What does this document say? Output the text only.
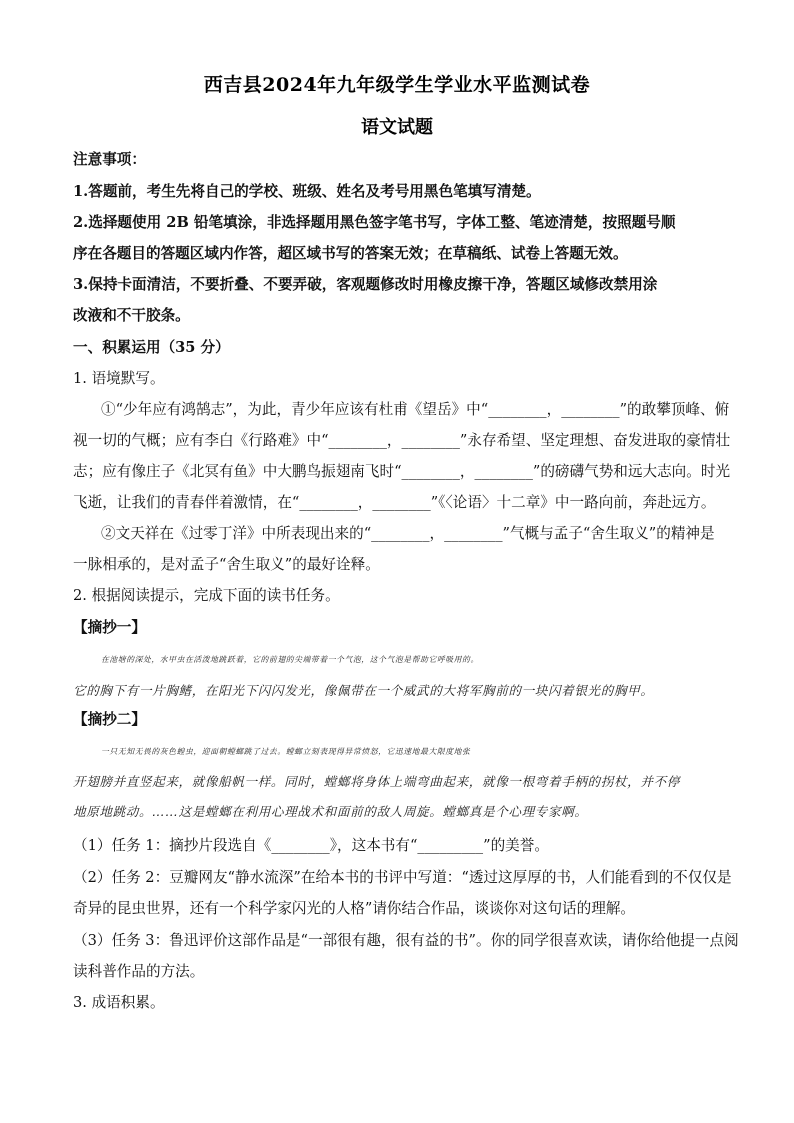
西吉县2024年九年级学生学业水平监测试卷
语文试题
注意事项：
1.答题前，考生先将自己的学校、班级、姓名及考号用黑色笔填写清楚。
2.选择题使用 2B 铅笔填涂，非选择题用黑色签字笔书写，字体工整、笔迹清楚，按照题号顺
序在各题目的答题区域内作答，超区域书写的答案无效；在草稿纸、试卷上答题无效。
3.保持卡面清洁，不要折叠、不要弄破，客观题修改时用橡皮擦干净，答题区域修改禁用涂
改液和不干胶条。
一、积累运用（35 分）
1. 语境默写。
①“少年应有鸿鹄志”，为此，青少年应该有杜甫《望岳》中“________，________”的敢攀顶峰、俯
视一切的气概；应有李白《行路难》中“________，________”永存希望、坚定理想、奋发进取的豪情壮
志；应有像庄子《北冥有鱼》中大鹏鸟振翅南飞时“________，________”的磅礴气势和远大志向。时光
飞逝，让我们的青春伴着激情，在“________，________”《〈论语〉十二章》中一路向前，奔赴远方。
②文天祥在《过零丁洋》中所表现出来的“________，________”气概与孟子“舍生取义”的精神是
一脉相承的，是对孟子“舍生取义”的最好诠释。
2. 根据阅读提示，完成下面的读书任务。
【摘抄一】
在池塘的深处，水甲虫在活泼地跳跃着，它的前翅的尖端带着一个气泡，这个气泡是帮助它呼吸用的。
它的胸下有一片胸鳍，在阳光下闪闪发光，像佩带在一个威武的大将军胸前的一块闪着银光的胸甲。
【摘抄二】
一只无知无畏的灰色蝗虫，迎面朝螳螂跳了过去。螳螂立刻表现得异常愤怒，它迅速地最大限度地张
开翅膀并直竖起来，就像船帆一样。同时，螳螂将身体上端弯曲起来，就像一根弯着手柄的拐杖，并不停
地原地跳动。……这是螳螂在利用心理战术和面前的敌人周旋。螳螂真是个心理专家啊。
（1）任务 1：摘抄片段选自《________》，这本书有“_________”的美誉。
（2）任务 2：豆瓣网友“静水流深”在给本书的书评中写道：“透过这厚厚的书，人们能看到的不仅仅是
奇异的昆虫世界，还有一个科学家闪光的人格”请你结合作品，谈谈你对这句话的理解。
（3）任务 3：鲁迅评价这部作品是“一部很有趣，很有益的书”。你的同学很喜欢读，请你给他提一点阅
读科普作品的方法。
3. 成语积累。
